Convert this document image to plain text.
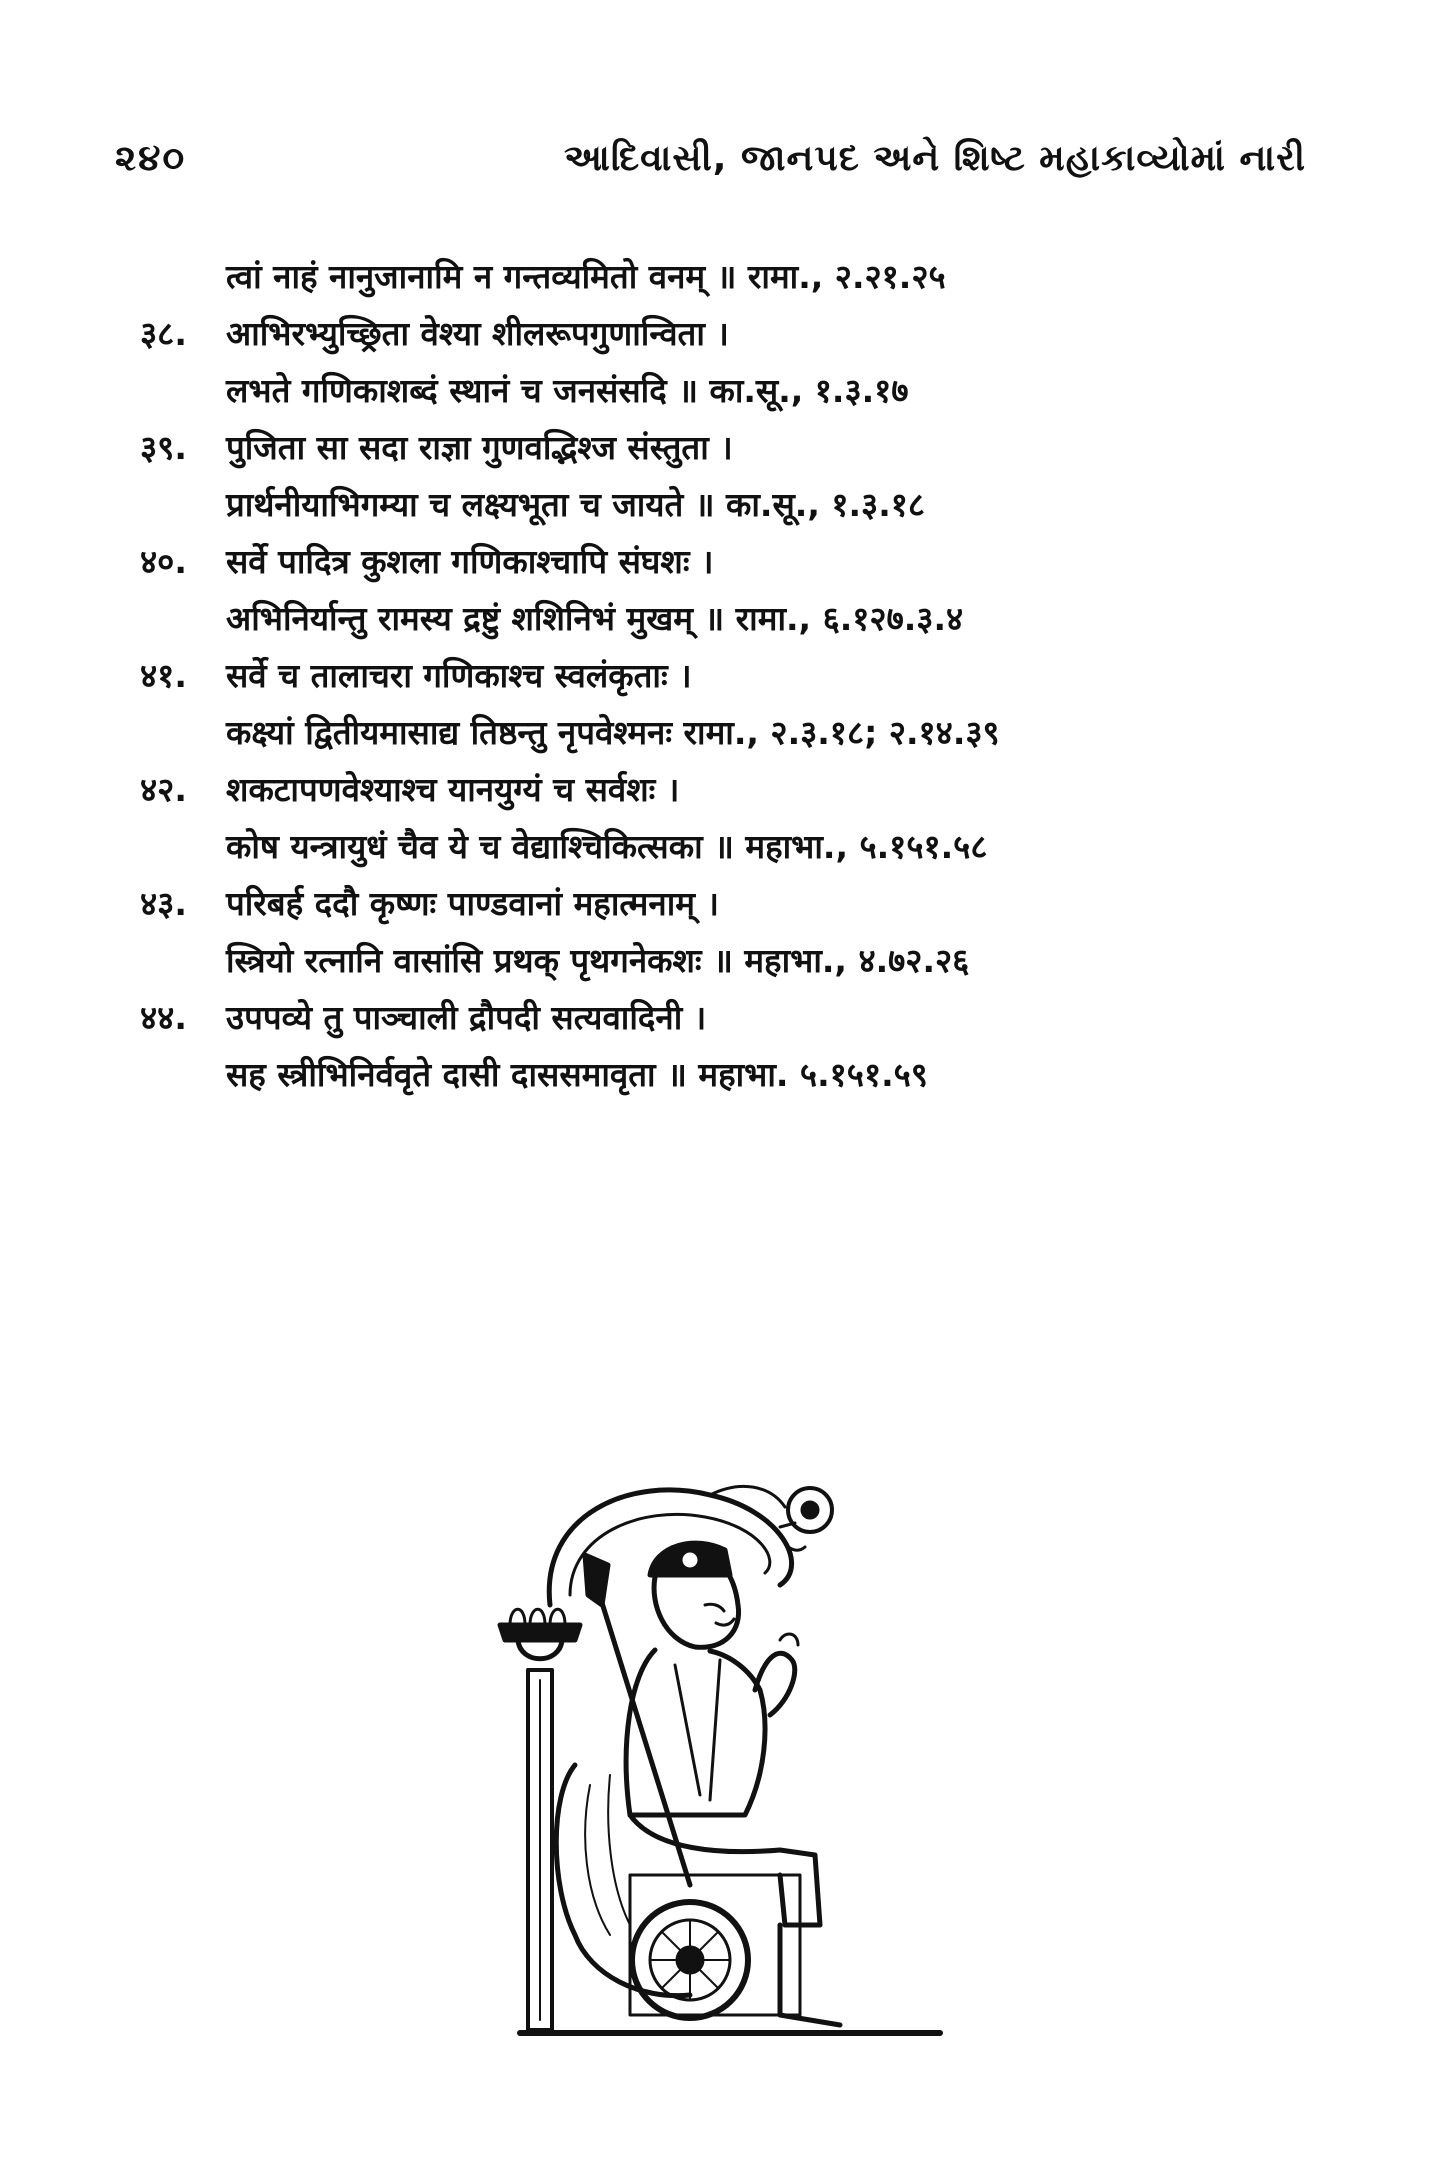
૨૪૦	આદિવાસી, જાનપદ અને શિષ્ટ મહાકાવ્યોમાં નારી
त्वां नाहं नानुजानामि न गन्तव्यमितो वनम् ॥ रामा., २.२१.२५
३८. आभिरभ्युच्छ्रिता वेश्या शीलरूपगुणान्विता ।
लभते गणिकाशब्दं स्थानं च जनसंसदि ॥ का.सू., १.३.१७
३९. पुजिता सा सदा राज्ञा गुणवद्भिश्ज संस्तुता ।
प्रार्थनीयाभिगम्या च लक्ष्यभूता च जायते ॥ का.सू., १.३.१८
४०. सर्वे पादित्र कुशला गणिकाश्चापि संघशः ।
अभिनिर्यान्तु रामस्य द्रष्टुं शशिनिभं मुखम् ॥ रामा., ६.१२७.३.४
४१. सर्वे च तालाचरा गणिकाश्च स्वलंकृताः ।
कक्ष्यां द्वितीयमासाद्य तिष्ठन्तु नृपवेश्मनः रामा., २.३.१८; २.१४.३९
४२. शकटापणवेश्याश्च यानयुग्यं च सर्वशः ।
कोष यन्त्रायुधं चैव ये च वेद्याश्चिकित्सका ॥ महाभा., ५.१५१.५८
४३. परिबर्ह ददौ कृष्णः पाण्डवानां महात्मनाम् ।
स्त्रियो रत्नानि वासांसि प्रथक् पृथगनेकशः ॥ महाभा., ४.७२.२६
४४. उपपव्ये तु पाञ्चाली द्रौपदी सत्यवादिनी ।
सह स्त्रीभिनिर्ववृते दासी दाससमावृता ॥ महाभा. ५.१५१.५९
